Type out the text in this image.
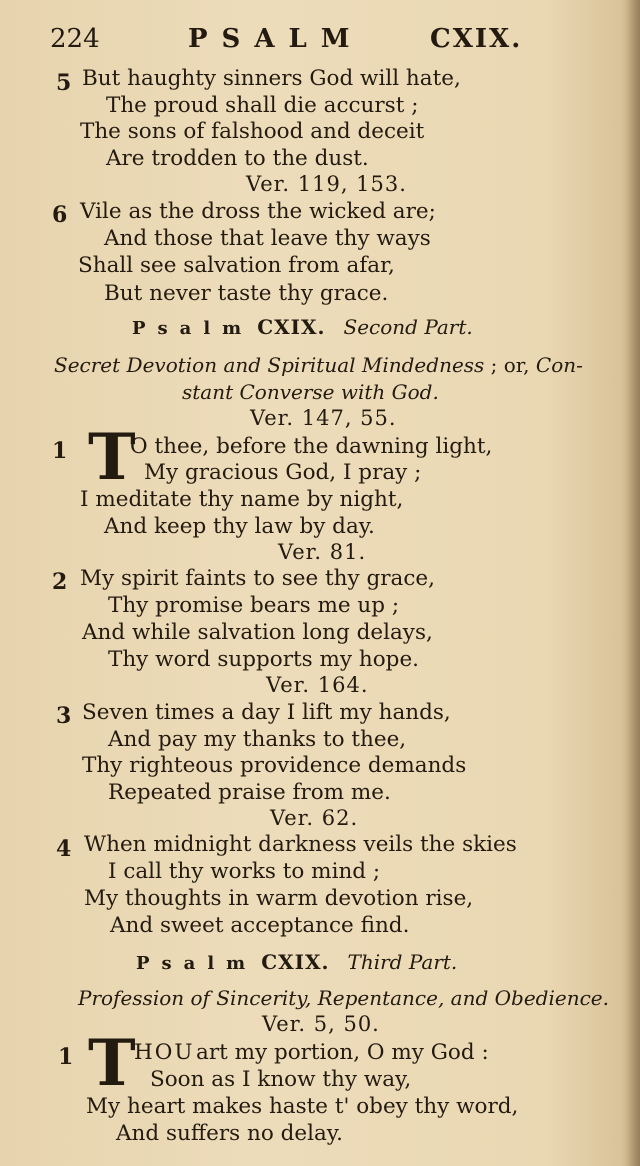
224	PSALM	CXIX.
5 But haughty sinners God will hate,
The proud shall die accurst ;
The sons of falshood and deceit
Are trodden to the dust.
Ver. 119, 153.
6 Vile as the dross the wicked are;
And those that leave thy ways
Shall see salvation from afar,
But never taste thy grace.
Psalm CXIX. Second Part.
Secret Devotion and Spiritual Mindedness ; or, Con-
stant Converse with God.
Ver. 147, 55.
1 T
O thee, before the dawning light,
My gracious God, I pray ;
I meditate thy name by night,
And keep thy law by day.
Ver. 81.
2 My spirit faints to see thy grace,
Thy promise bears me up ;
And while salvation long delays,
Thy word supports my hope.
Ver. 164.
3 Seven times a day I lift my hands,
And pay my thanks to thee,
Thy righteous providence demands
Repeated praise from me.
Ver. 62.
4 When midnight darkness veils the skies
I call thy works to mind ;
My thoughts in warm devotion rise,
And sweet acceptance find.
Psalm CXIX. Third Part.
Profession of Sincerity, Repentance, and Obedience.
Ver. 5, 50.
1 T
HOU art my portion, O my God :
Soon as I know thy way,
My heart makes haste t' obey thy word,
And suffers no delay.
